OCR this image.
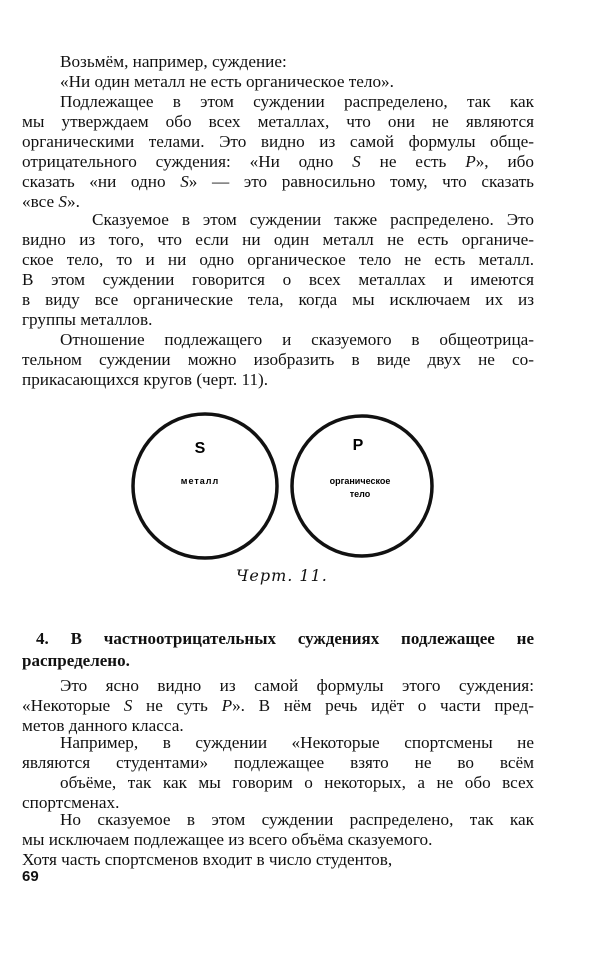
Возьмём, например, суждение:
«Ни один металл не есть органическое тело».
Подлежащее в этом суждении распределено, так как
мы утверждаем обо всех металлах, что они не являются
органическими телами. Это видно из самой формулы обще-
отрицательного суждения: «Ни одно S не есть P», ибо
сказать «ни одно S» — это равносильно тому, что сказать
«все S».
Сказуемое в этом суждении также распределено. Это
видно из того, что если ни один металл не есть органиче-
ское тело, то и ни одно органическое тело не есть металл.
В этом суждении говорится о всех металлах и имеются
в виду все органические тела, когда мы исключаем их из
группы металлов.
Отношение подлежащего и сказуемого в общеотрица-
тельном суждении можно изобразить в виде двух не со-
прикасающихся кругов (черт. 11).
S
металл
P
органическое
тело
Черт. 11.
4. В частноотрицательных суждениях подлежащее не
распределено.
Это ясно видно из самой формулы этого суждения:
«Некоторые S не суть P». В нём речь идёт о части пред-
метов данного класса.
Например, в суждении «Некоторые спортсмены не
являются студентами» подлежащее взято не во всём
объёме, так как мы говорим о некоторых, а не обо всех
спортсменах.
Но сказуемое в этом суждении распределено, так как
мы исключаем подлежащее из всего объёма сказуемого.
Хотя часть спортсменов входит в число студентов,
69
